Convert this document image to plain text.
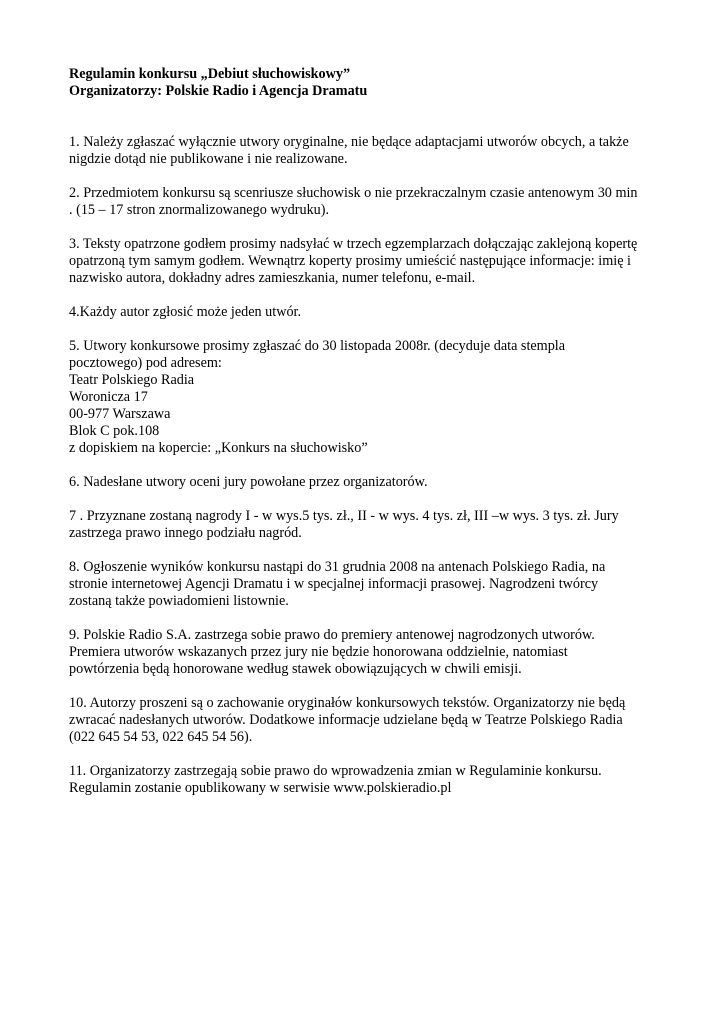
Regulamin konkursu „Debiut słuchowiskowy”
Organizatorzy: Polskie Radio i Agencja Dramatu
1. Należy zgłaszać wyłącznie utwory oryginalne, nie będące adaptacjami utworów obcych, a także
nigdzie dotąd nie publikowane i nie realizowane.
2. Przedmiotem konkursu są scenriusze słuchowisk o nie przekraczalnym czasie antenowym 30 min
. (15 – 17 stron znormalizowanego wydruku).
3. Teksty opatrzone godłem prosimy nadsyłać w trzech egzemplarzach dołączając zaklejoną kopertę
opatrzoną tym samym godłem. Wewnątrz koperty prosimy umieścić następujące informacje: imię i
nazwisko autora, dokładny adres zamieszkania, numer telefonu, e-mail.
4.Każdy autor zgłosić może jeden utwór.
5. Utwory konkursowe prosimy zgłaszać do 30 listopada 2008r. (decyduje data stempla
pocztowego) pod adresem:
Teatr Polskiego Radia
Woronicza 17
00-977 Warszawa
Blok C pok.108
z dopiskiem na kopercie: „Konkurs na słuchowisko”
6. Nadesłane utwory oceni jury powołane przez organizatorów.
7 . Przyznane zostaną nagrody I - w wys.5 tys. zł., II - w wys. 4 tys. zł, III –w wys. 3 tys. zł. Jury
zastrzega prawo innego podziału nagród.
8. Ogłoszenie wyników konkursu nastąpi do 31 grudnia 2008 na antenach Polskiego Radia, na
stronie internetowej Agencji Dramatu i w specjalnej informacji prasowej. Nagrodzeni twórcy
zostaną także powiadomieni listownie.
9. Polskie Radio S.A. zastrzega sobie prawo do premiery antenowej nagrodzonych utworów.
Premiera utworów wskazanych przez jury nie będzie honorowana oddzielnie, natomiast
powtórzenia będą honorowane według stawek obowiązujących w chwili emisji.
10. Autorzy proszeni są o zachowanie oryginałów konkursowych tekstów. Organizatorzy nie będą
zwracać nadesłanych utworów. Dodatkowe informacje udzielane będą w Teatrze Polskiego Radia
(022 645 54 53, 022 645 54 56).
11. Organizatorzy zastrzegają sobie prawo do wprowadzenia zmian w Regulaminie konkursu.
Regulamin zostanie opublikowany w serwisie www.polskieradio.pl
